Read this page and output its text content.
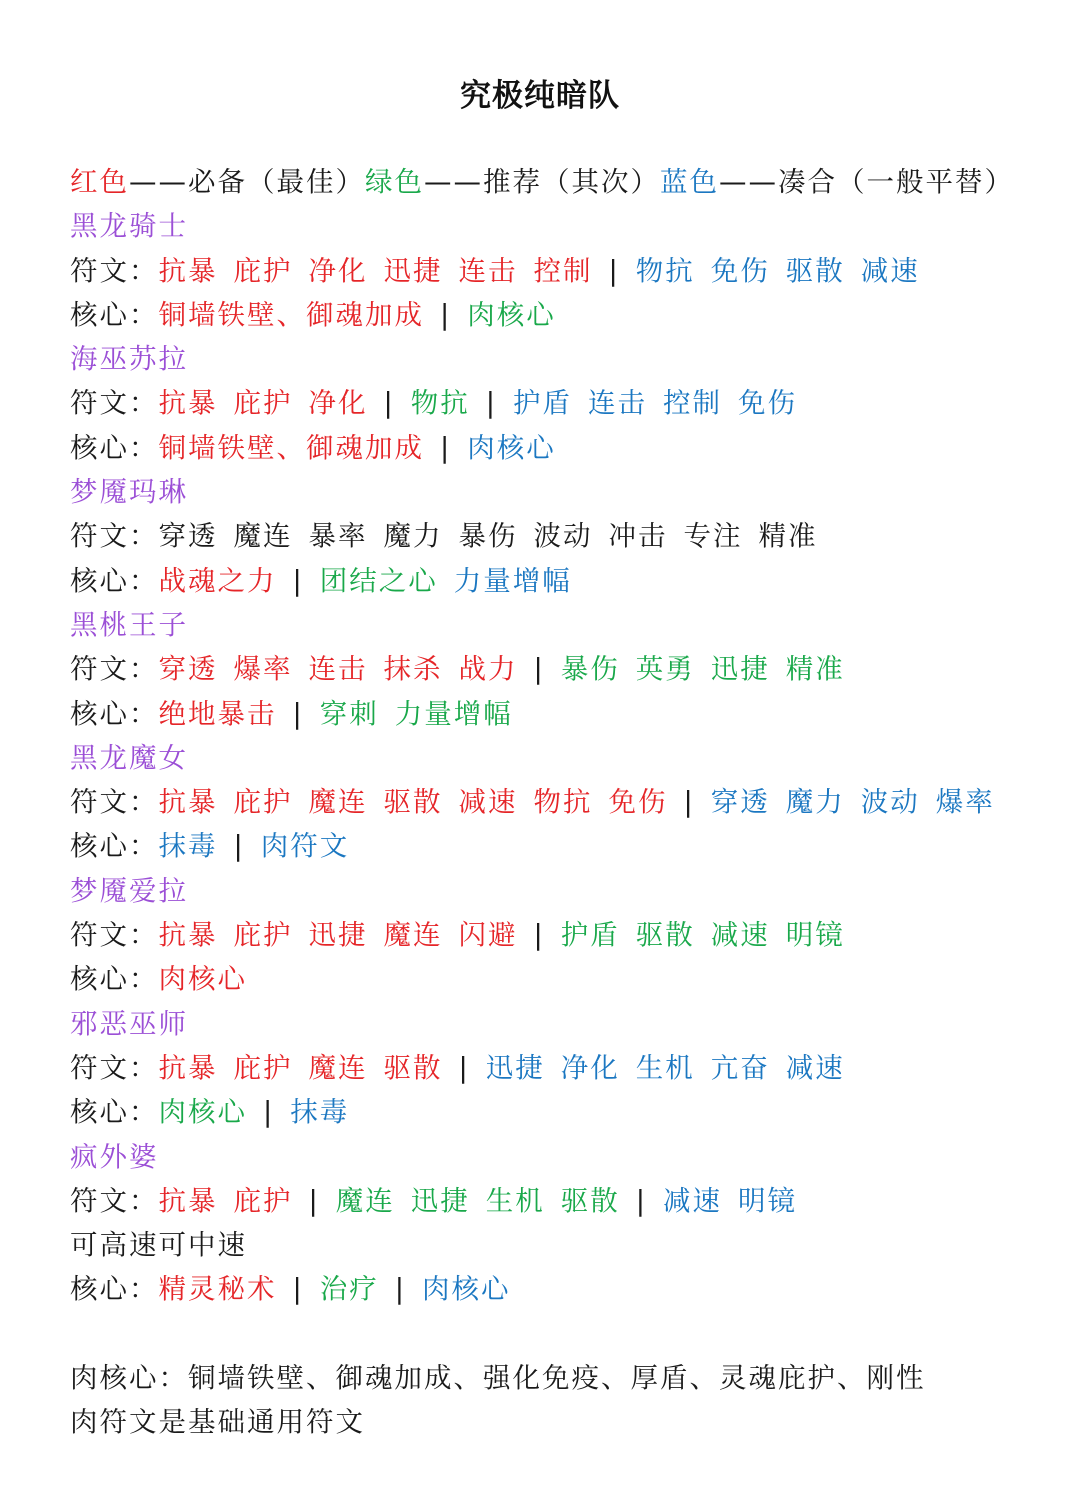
究极纯暗队
红色——必备（最佳）绿色——推荐（其次）蓝色——凑合（一般平替）
黑龙骑士
符文：抗暴 庇护 净化 迅捷 连击 控制 | 物抗 免伤 驱散 减速
核心：铜墙铁壁、御魂加成 | 肉核心
海巫苏拉
符文：抗暴 庇护 净化 | 物抗 | 护盾 连击 控制 免伤
核心：铜墙铁壁、御魂加成 | 肉核心
梦魇玛琳
符文：穿透 魔连 暴率 魔力 暴伤 波动 冲击 专注 精准
核心：战魂之力 | 团结之心 力量增幅
黑桃王子
符文：穿透 爆率 连击 抹杀 战力 | 暴伤 英勇 迅捷 精准
核心：绝地暴击 | 穿刺 力量增幅
黑龙魔女
符文：抗暴 庇护 魔连 驱散 减速 物抗 免伤 | 穿透 魔力 波动 爆率
核心：抹毒 | 肉符文
梦魇爱拉
符文：抗暴 庇护 迅捷 魔连 闪避 | 护盾 驱散 减速 明镜
核心：肉核心
邪恶巫师
符文：抗暴 庇护 魔连 驱散 | 迅捷 净化 生机 亢奋 减速
核心：肉核心 | 抹毒
疯外婆
符文：抗暴 庇护 | 魔连 迅捷 生机 驱散 | 减速 明镜
可高速可中速
核心：精灵秘术 | 治疗 | 肉核心
肉核心：铜墙铁壁、御魂加成、强化免疫、厚盾、灵魂庇护、刚性
肉符文是基础通用符文
